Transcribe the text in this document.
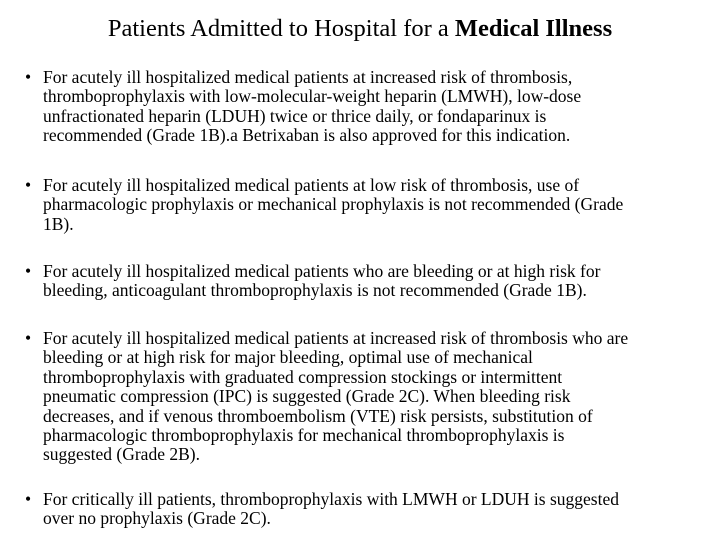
Patients Admitted to Hospital for a Medical Illness
• For acutely ill hospitalized medical patients at increased risk of thrombosis,
thromboprophylaxis with low-molecular-weight heparin (LMWH), low-dose
unfractionated heparin (LDUH) twice or thrice daily, or fondaparinux is
recommended (Grade 1B).a Betrixaban is also approved for this indication.
• For acutely ill hospitalized medical patients at low risk of thrombosis, use of
pharmacologic prophylaxis or mechanical prophylaxis is not recommended (Grade
1B).
• For acutely ill hospitalized medical patients who are bleeding or at high risk for
bleeding, anticoagulant thromboprophylaxis is not recommended (Grade 1B).
• For acutely ill hospitalized medical patients at increased risk of thrombosis who are
bleeding or at high risk for major bleeding, optimal use of mechanical
thromboprophylaxis with graduated compression stockings or intermittent
pneumatic compression (IPC) is suggested (Grade 2C). When bleeding risk
decreases, and if venous thromboembolism (VTE) risk persists, substitution of
pharmacologic thromboprophylaxis for mechanical thromboprophylaxis is
suggested (Grade 2B).
• For critically ill patients, thromboprophylaxis with LMWH or LDUH is suggested
over no prophylaxis (Grade 2C).
